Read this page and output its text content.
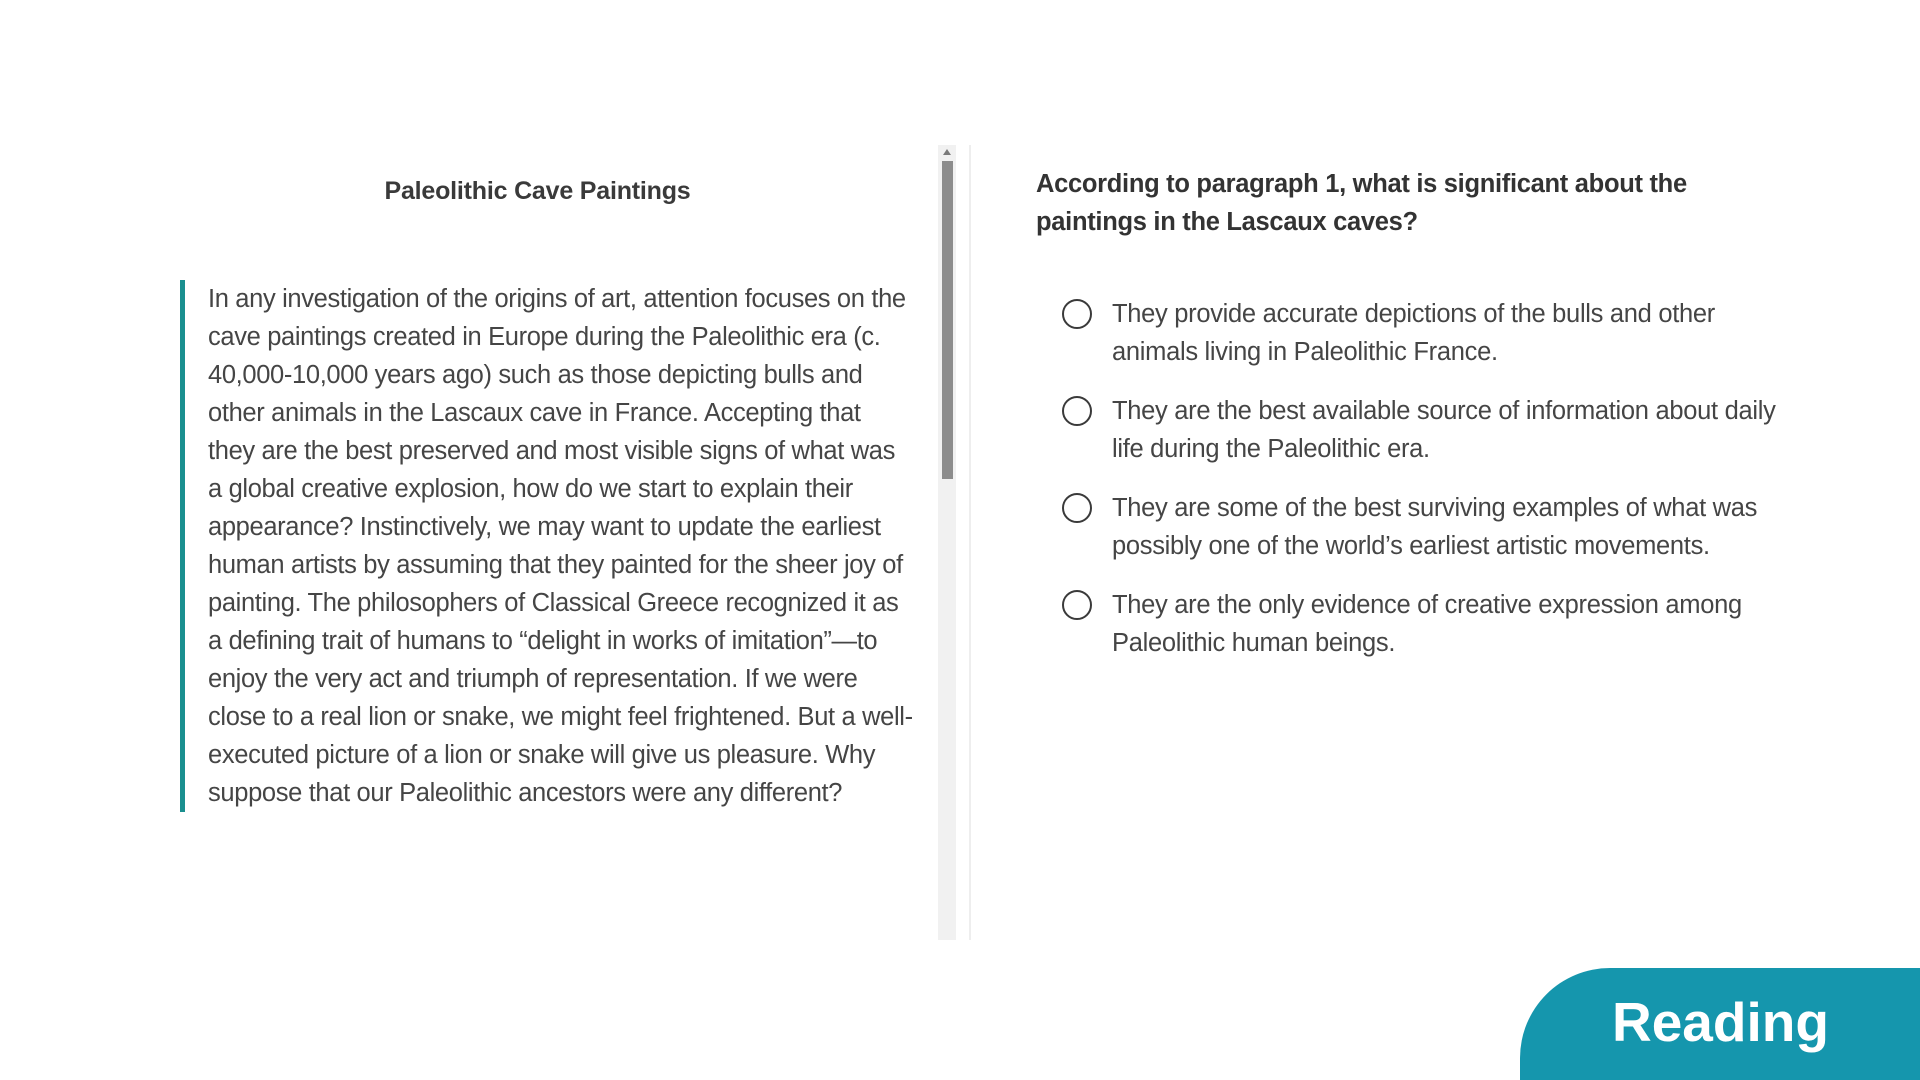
Paleolithic Cave Paintings

In any investigation of the origins of art, attention focuses on the cave paintings created in Europe during the Paleolithic era (c. 40,000-10,000 years ago) such as those depicting bulls and other animals in the Lascaux cave in France. Accepting that they are the best preserved and most visible signs of what was a global creative explosion, how do we start to explain their appearance? Instinctively, we may want to update the earliest human artists by assuming that they painted for the sheer joy of painting. The philosophers of Classical Greece recognized it as a defining trait of humans to “delight in works of imitation”—to enjoy the very act and triumph of representation. If we were close to a real lion or snake, we might feel frightened. But a well-executed picture of a lion or snake will give us pleasure. Why suppose that our Paleolithic ancestors were any different?

According to paragraph 1, what is significant about the paintings in the Lascaux caves?

They provide accurate depictions of the bulls and other animals living in Paleolithic France.
They are the best available source of information about daily life during the Paleolithic era.
They are some of the best surviving examples of what was possibly one of the world’s earliest artistic movements.
They are the only evidence of creative expression among Paleolithic human beings.
Reading
